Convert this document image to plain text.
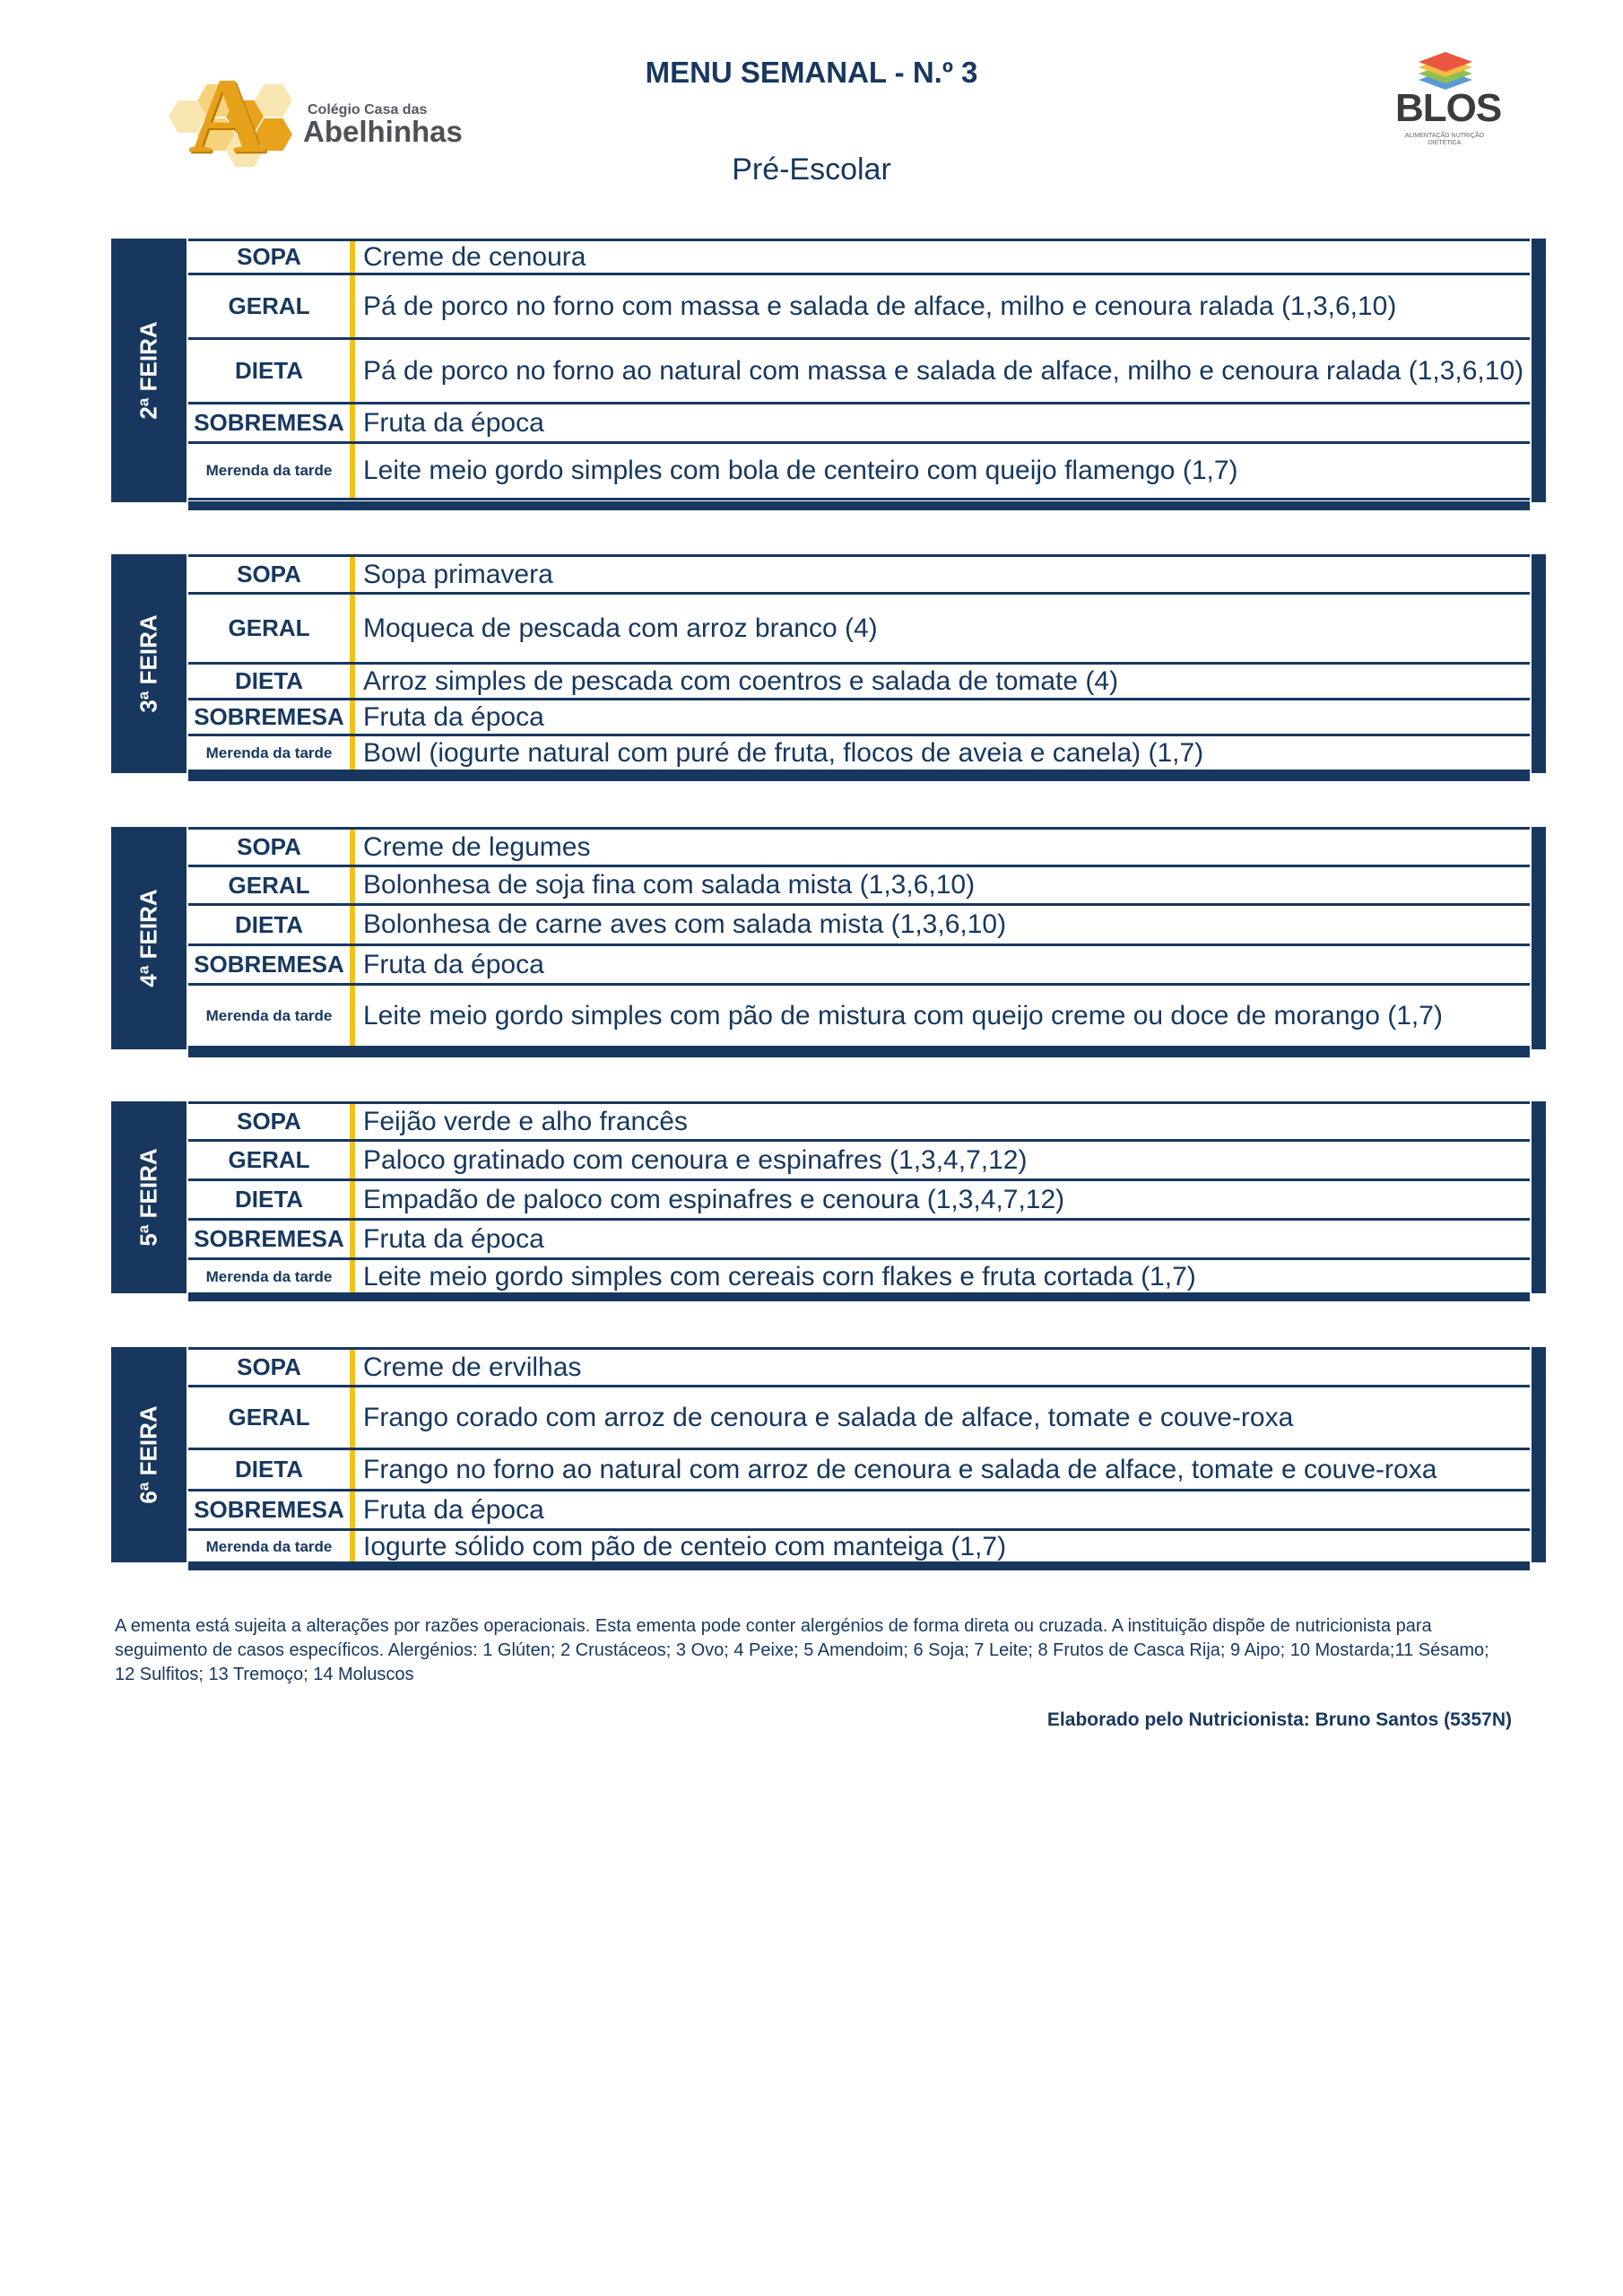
A	Colégio Casa das
Abelhinhas
MENU SEMANAL - N.º 3
Pré-Escolar
BLOS
ALIMENTAÇÃO NUTRIÇÃO DIETÉTICA
2ª FEIRA
SOPA	Creme de cenoura
GERAL	Pá de porco no forno com massa e salada de alface, milho e cenoura ralada (1,3,6,10)
DIETA	Pá de porco no forno ao natural com massa e salada de alface, milho e cenoura ralada (1,3,6,10)
SOBREMESA Fruta da época
Merenda da tarde	Leite meio gordo simples com bola de centeiro com queijo flamengo (1,7)
3ª FEIRA
SOPA	Sopa primavera
GERAL	Moqueca de pescada com arroz branco (4)
DIETA	Arroz simples de pescada com coentros e salada de tomate (4)
SOBREMESA Fruta da época
Merenda da tarde	Bowl (iogurte natural com puré de fruta, flocos de aveia e canela) (1,7)
4ª FEIRA
SOPA	Creme de legumes
GERAL	Bolonhesa de soja fina com salada mista (1,3,6,10)
DIETA	Bolonhesa de carne aves com salada mista (1,3,6,10)
SOBREMESA Fruta da época
Merenda da tarde	Leite meio gordo simples com pão de mistura com queijo creme ou doce de morango (1,7)
5ª FEIRA
SOPA	Feijão verde e alho francês
GERAL	Paloco gratinado com cenoura e espinafres (1,3,4,7,12)
DIETA	Empadão de paloco com espinafres e cenoura (1,3,4,7,12)
SOBREMESA Fruta da época
Merenda da tarde	Leite meio gordo simples com cereais corn flakes e fruta cortada (1,7)
6ª FEIRA
SOPA	Creme de ervilhas
GERAL	Frango corado com arroz de cenoura e salada de alface, tomate e couve-roxa
DIETA	Frango no forno ao natural com arroz de cenoura e salada de alface, tomate e couve-roxa
SOBREMESA Fruta da época
Merenda da tarde	Iogurte sólido com pão de centeio com manteiga (1,7)
A ementa está sujeita a alterações por razões operacionais. Esta ementa pode conter alergénios de forma direta ou cruzada. A instituição dispõe de nutricionista para seguimento de casos específicos. Alergénios: 1 Glúten; 2 Crustáceos; 3 Ovo; 4 Peixe; 5 Amendoim; 6 Soja; 7 Leite; 8 Frutos de Casca Rija; 9 Aipo; 10 Mostarda;11 Sésamo; 12 Sulfitos; 13 Tremoço; 14 Moluscos
Elaborado pelo Nutricionista: Bruno Santos (5357N)
